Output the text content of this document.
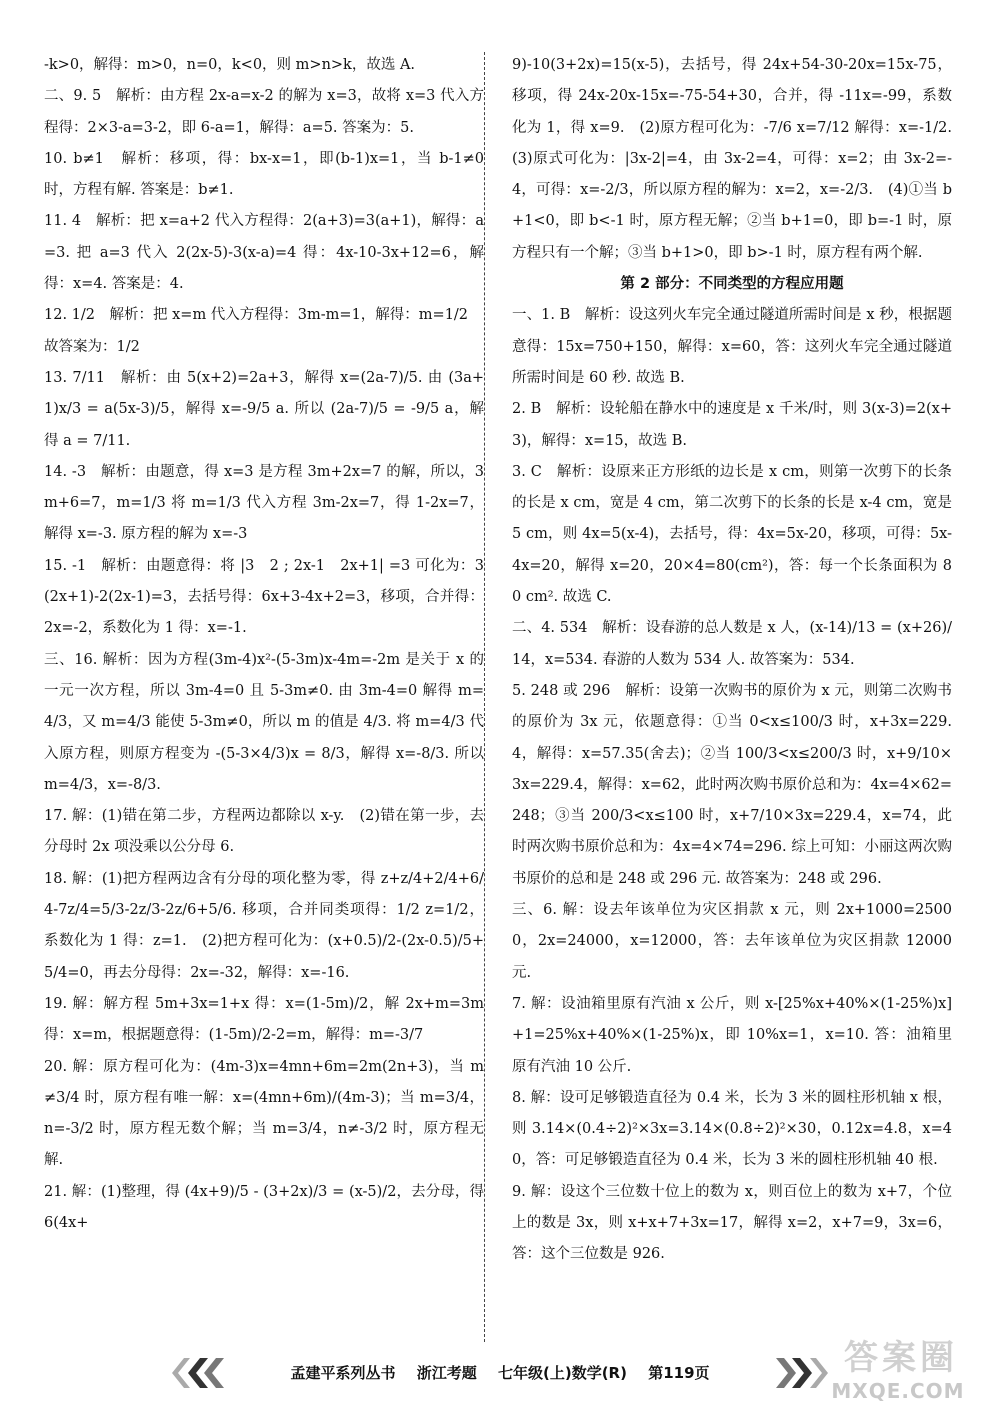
-k>0，解得：m>0，n=0，k<0，则 m>n>k，故选 A.

二、9. 5　解析：由方程 2x-a=x-2 的解为 x=3，故将 x=3 代入方程得：2×3-a=3-2，即 6-a=1，解得：a=5. 答案为：5.

10. b≠1　解析：移项，得：bx-x=1，即(b-1)x=1，当 b-1≠0 时，方程有解. 答案是：b≠1.

11. 4　解析：把 x=a+2 代入方程得：2(a+3)=3(a+1)，解得：a=3. 把 a=3 代入 2(2x-5)-3(x-a)=4 得：4x-10-3x+12=6，解得：x=4. 答案是：4.

12. 1/2　解析：把 x=m 代入方程得：3m-m=1，解得：m=1/2

故答案为：1/2

13. 7/11　解析：由 5(x+2)=2a+3，解得 x=(2a-7)/5. 由 (3a+1)x/3 = a(5x-3)/5，解得 x=-9/5 a. 所以 (2a-7)/5 = -9/5 a，解得 a = 7/11.

14. -3　解析：由题意，得 x=3 是方程 3m+2x=7 的解，所以，3m+6=7，m=1/3 将 m=1/3 代入方程 3m-2x=7，得 1-2x=7，解得 x=-3. 原方程的解为 x=-3

15. -1　解析：由题意得：将 |3　2 ; 2x-1　2x+1| =3 可化为：3(2x+1)-2(2x-1)=3，去括号得：6x+3-4x+2=3，移项，合并得：2x=-2，系数化为 1 得：x=-1.

三、16. 解析：因为方程(3m-4)x²-(5-3m)x-4m=-2m 是关于 x 的一元一次方程，所以 3m-4=0 且 5-3m≠0. 由 3m-4=0 解得 m=4/3，又 m=4/3 能使 5-3m≠0，所以 m 的值是 4/3. 将 m=4/3 代入原方程，则原方程变为 -(5-3×4/3)x = 8/3，解得 x=-8/3. 所以 m=4/3，x=-8/3.

17. 解：(1)错在第二步，方程两边都除以 x-y.　(2)错在第一步，去分母时 2x 项没乘以公分母 6.

18. 解：(1)把方程两边含有分母的项化整为零，得 z+z/4+2/4+6/4-7z/4=5/3-2z/3-2z/6+5/6. 移项，合并同类项得：1/2 z=1/2，系数化为 1 得：z=1.　(2)把方程可化为：(x+0.5)/2-(2x-0.5)/5+5/4=0，再去分母得：2x=-32，解得：x=-16.

19. 解：解方程 5m+3x=1+x 得：x=(1-5m)/2，解 2x+m=3m 得：x=m，根据题意得：(1-5m)/2-2=m，解得：m=-3/7

20. 解：原方程可化为：(4m-3)x=4mn+6m=2m(2n+3)，当 m≠3/4 时，原方程有唯一解：x=(4mn+6m)/(4m-3)；当 m=3/4，n=-3/2 时，原方程无数个解；当 m=3/4，n≠-3/2 时，原方程无解.

21. 解：(1)整理，得 (4x+9)/5 - (3+2x)/3 = (x-5)/2，去分母，得 6(4x+

9)-10(3+2x)=15(x-5)，去括号，得 24x+54-30-20x=15x-75，移项，得 24x-20x-15x=-75-54+30，合并，得 -11x=-99，系数化为 1，得 x=9.　(2)原方程可化为：-7/6 x=7/12 解得：x=-1/2.　(3)原式可化为：|3x-2|=4，由 3x-2=4，可得：x=2；由 3x-2=-4，可得：x=-2/3，所以原方程的解为：x=2，x=-2/3.　(4)①当 b+1<0，即 b<-1 时，原方程无解；②当 b+1=0，即 b=-1 时，原方程只有一个解；③当 b+1>0，即 b>-1 时，原方程有两个解.

第 2 部分：不同类型的方程应用题

一、1. B　解析：设这列火车完全通过隧道所需时间是 x 秒，根据题意得：15x=750+150，解得：x=60，答：这列火车完全通过隧道所需时间是 60 秒. 故选 B.

2. B　解析：设轮船在静水中的速度是 x 千米/时，则 3(x-3)=2(x+3)，解得：x=15，故选 B.

3. C　解析：设原来正方形纸的边长是 x cm，则第一次剪下的长条的长是 x cm，宽是 4 cm，第二次剪下的长条的长是 x-4 cm，宽是 5 cm，则 4x=5(x-4)，去括号，得：4x=5x-20，移项，可得：5x-4x=20，解得 x=20，20×4=80(cm²)，答：每一个长条面积为 80 cm². 故选 C.

二、4. 534　解析：设春游的总人数是 x 人，(x-14)/13 = (x+26)/14，x=534. 春游的人数为 534 人. 故答案为：534.

5. 248 或 296　解析：设第一次购书的原价为 x 元，则第二次购书的原价为 3x 元，依题意得：①当 0<x≤100/3 时，x+3x=229.4，解得：x=57.35(舍去)；②当 100/3<x≤200/3 时，x+9/10×3x=229.4，解得：x=62，此时两次购书原价总和为：4x=4×62=248；③当 200/3<x≤100 时，x+7/10×3x=229.4，x=74，此时两次购书原价总和为：4x=4×74=296. 综上可知：小丽这两次购书原价的总和是 248 或 296 元. 故答案为：248 或 296.

三、6. 解：设去年该单位为灾区捐款 x 元，则 2x+1000=25000，2x=24000，x=12000，答：去年该单位为灾区捐款 12000 元.

7. 解：设油箱里原有汽油 x 公斤，则 x-[25%x+40%×(1-25%)x]+1=25%x+40%×(1-25%)x，即 10%x=1，x=10. 答：油箱里原有汽油 10 公斤.

8. 解：设可足够锻造直径为 0.4 米，长为 3 米的圆柱形机轴 x 根，则 3.14×(0.4÷2)²×3x=3.14×(0.8÷2)²×30，0.12x=4.8，x=40，答：可足够锻造直径为 0.4 米，长为 3 米的圆柱形机轴 40 根.

9. 解：设这个三位数十位上的数为 x，则百位上的数为 x+7，个位上的数是 3x，则 x+x+7+3x=17，解得 x=2，x+7=9，3x=6，答：这个三位数是 926.

孟建平系列丛书 浙江考题 七年级(上)数学(R) 第119页	答案圈
MXQE.COM
